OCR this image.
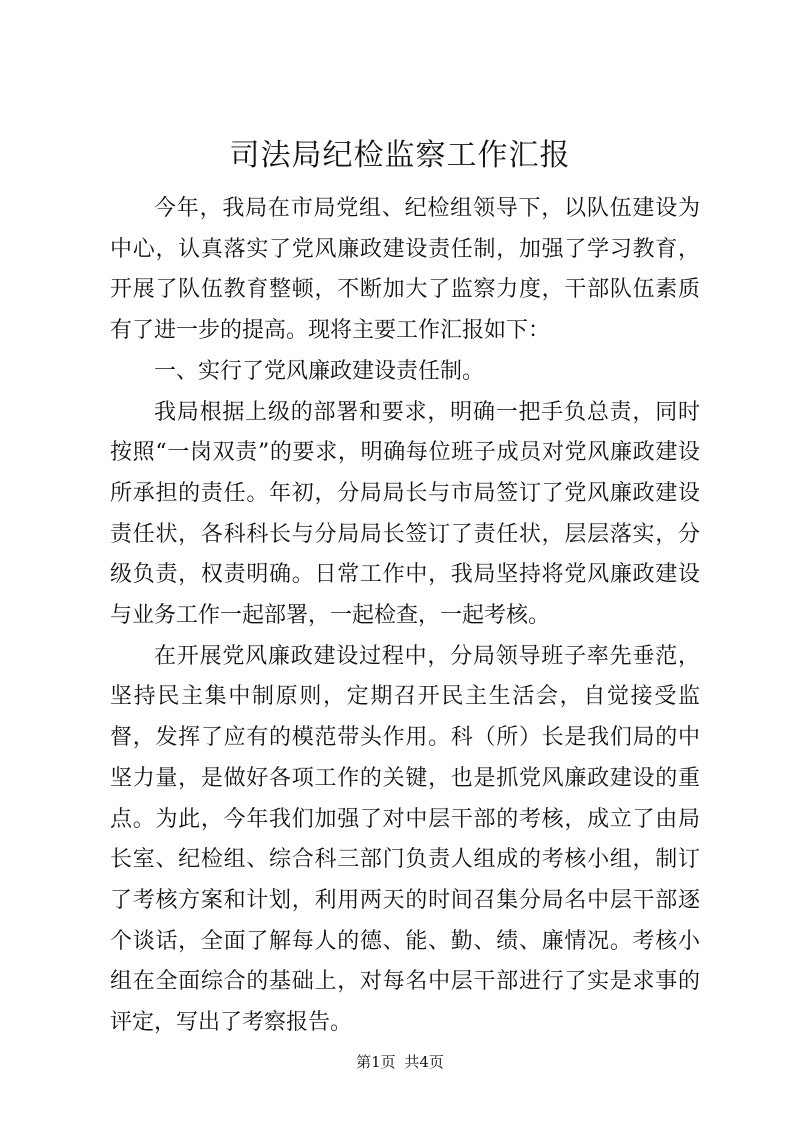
司法局纪检监察工作汇报

今年，我局在市局党组、纪检组领导下，以队伍建设为中心，认真落实了党风廉政建设责任制，加强了学习教育，开展了队伍教育整顿，不断加大了监察力度，干部队伍素质有了进一步的提高。现将主要工作汇报如下：

一、实行了党风廉政建设责任制。

我局根据上级的部署和要求，明确一把手负总责，同时按照“一岗双责”的要求，明确每位班子成员对党风廉政建设所承担的责任。年初，分局局长与市局签订了党风廉政建设责任状，各科科长与分局局长签订了责任状，层层落实，分级负责，权责明确。日常工作中，我局坚持将党风廉政建设与业务工作一起部署，一起检查，一起考核。

在开展党风廉政建设过程中，分局领导班子率先垂范，坚持民主集中制原则，定期召开民主生活会，自觉接受监督，发挥了应有的模范带头作用。科（所）长是我们局的中坚力量，是做好各项工作的关键，也是抓党风廉政建设的重点。为此，今年我们加强了对中层干部的考核，成立了由局长室、纪检组、综合科三部门负责人组成的考核小组，制订了考核方案和计划，利用两天的时间召集分局名中层干部逐个谈话，全面了解每人的德、能、勤、绩、廉情况。考核小组在全面综合的基础上，对每名中层干部进行了实是求事的评定，写出了考察报告。

第1页 共4页
